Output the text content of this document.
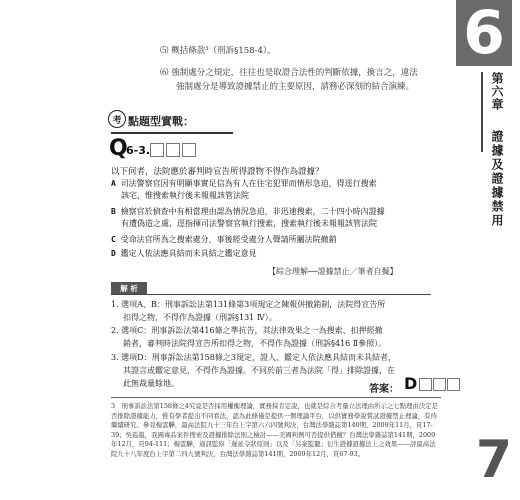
6
第六章
證據及證據禁用
7
⑸ 概括條款³（刑訴§158-4）。
⑹ 強制處分之規定，往往也是取證合法性的判斷依據，換言之，違法
強制處分是導致證據禁止的主要原因，請務必深刻的結合演練。
考 點題型實戰：
Q
6-3.
以下何者，法院應於審判時宣告所得證物不得作為證據？
A 司法警察官因有明顯事實足信為有人在住宅犯罪而情形急迫，得逕行搜索
該宅，惟搜索執行後未報報該管法院
B 檢察官於偵查中有相當理由認為情況急迫，非迅速搜索，二十四小時內證據
有遭偽造之虞，逕指揮司法警察官執行搜索，搜索執行後未報報該管法院
C 受命法官所為之搜索處分，事後經受處分人聲請所屬法院撤銷
D 鑑定人依法應具結而未具結之鑑定意見
【綜合理解──證據禁止／筆者自擬】
解 析
1. 選項A、B：刑事訴訟法第131條第3項規定之陳報併撤銷制，法院得宣告所
扣得之物，不得作為證據（刑訴§131 Ⅳ）。
2. 選項C：刑事訴訟法第416條之準抗告，其法律效果之一為搜索、扣押經撤
銷者，審判時法院得宣告所扣得之物，不得作為證據（刑訴§416 Ⅱ參照）。
3. 選項D：刑事訴訟法第158條之3規定，證人、鑑定人依法應具結而未具結者，
其證言或鑑定意見，不得作為證據。不同於前三者為法院「得」排除證據，在
此無裁量餘地。
答案： D
3　刑事訴訟法第158條之4究竟是否採用權衡理論，實務採肯定說，也就是綜合考量立法理由所示之七點理由決定是否排除證據能力，惟有學者提出不同看法，認為此條僅是提供一個理論平台，以供實務學說嘗試證據禁止理論，有待繼續研究。參見楊雲驊，最高法院九十三年台上字第六六四號判決，台灣法學雜誌第140期，2009年11月，頁17-39；吳巡龍，我國毒品案件搜索及證據排除法則之檢討——美國判例可否提供借鏡？台灣法學雜誌第141期，2009年12月，頁94-111；楊雲驊，通訊監察「遲延令狀原則」以及「另案監聽」衍生證據證據法上之效果——評最高法院九十八年度台上字第二四九號判決，台灣法學雜誌第141期，2009年12月，頁67-93。
